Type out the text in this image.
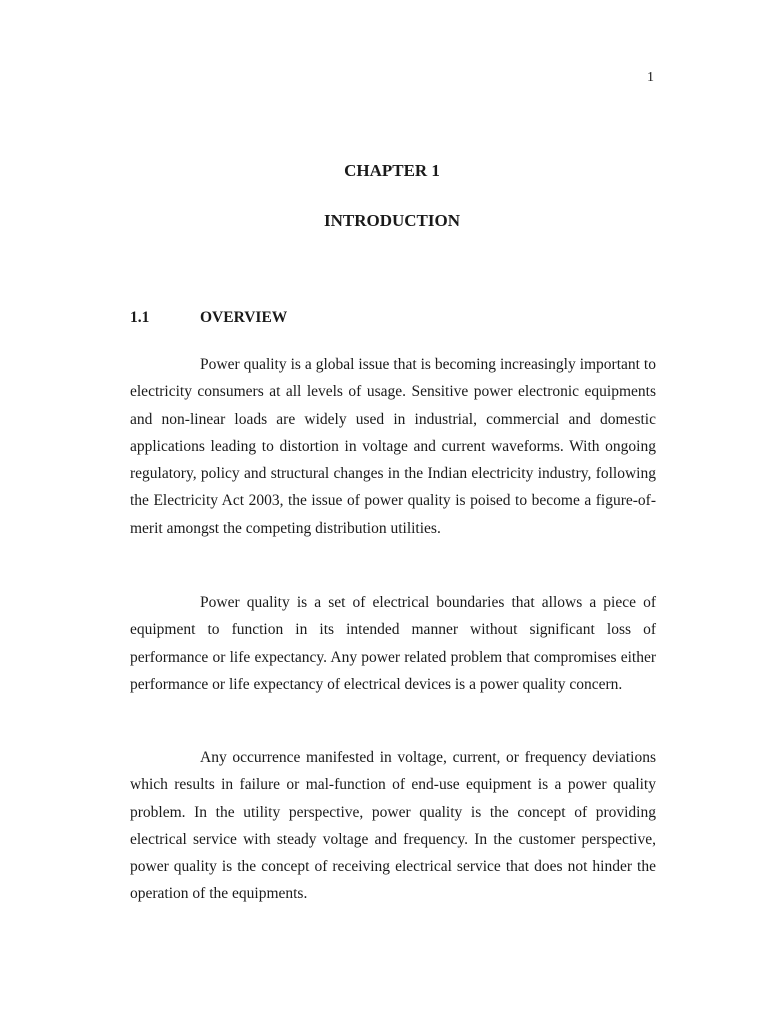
1
CHAPTER 1
INTRODUCTION
1.1	OVERVIEW

Power quality is a global issue that is becoming increasingly important to electricity consumers at all levels of usage. Sensitive power electronic equipments and non-linear loads are widely used in industrial, commercial and domestic applications leading to distortion in voltage and current waveforms. With ongoing regulatory, policy and structural changes in the Indian electricity industry, following the Electricity Act 2003, the issue of power quality is poised to become a figure-of-merit amongst the competing distribution utilities.

Power quality is a set of electrical boundaries that allows a piece of equipment to function in its intended manner without significant loss of performance or life expectancy. Any power related problem that compromises either performance or life expectancy of electrical devices is a power quality concern.

Any occurrence manifested in voltage, current, or frequency deviations which results in failure or mal-function of end-use equipment is a power quality problem. In the utility perspective, power quality is the concept of providing electrical service with steady voltage and frequency. In the customer perspective, power quality is the concept of receiving electrical service that does not hinder the operation of the equipments.
